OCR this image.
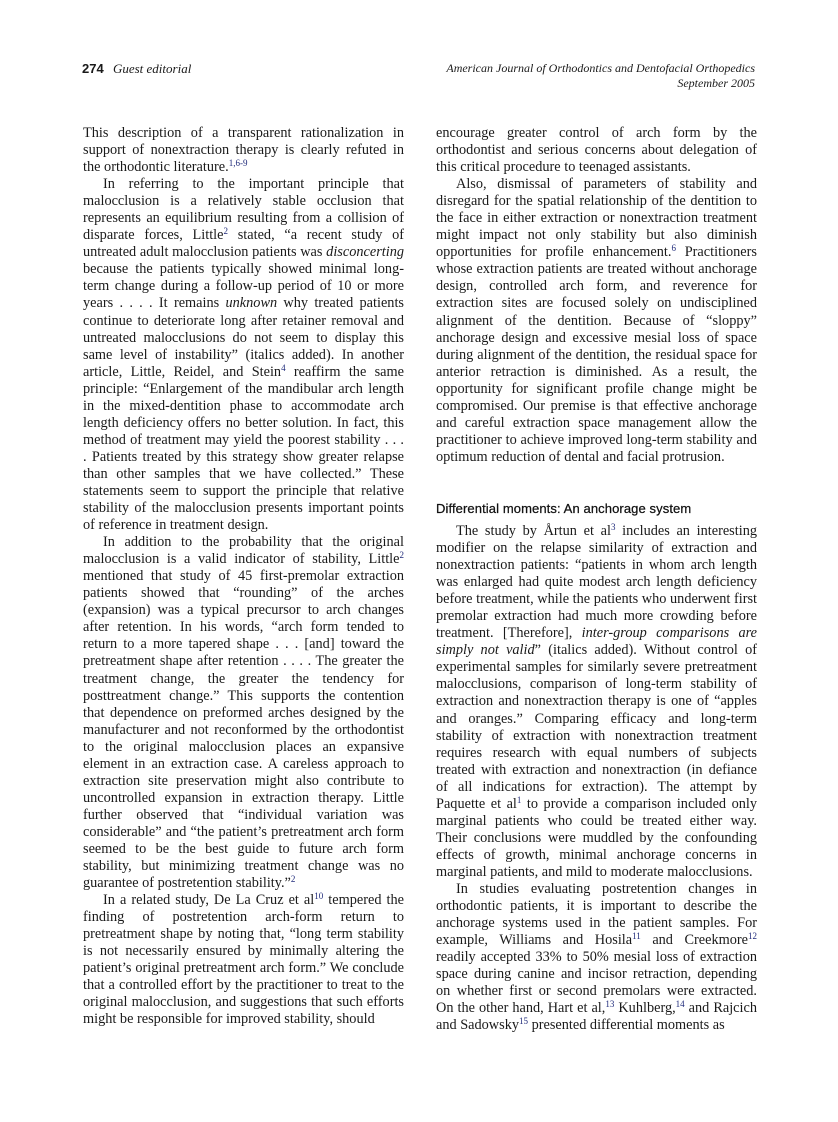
274 Guest editorial	American Journal of Orthodontics and Dentofacial Orthopedics
September 2005

This description of a transparent rationalization in support of nonextraction therapy is clearly refuted in the orthodontic literature.$^{1,6-9}$

In referring to the important principle that malocclusion is a relatively stable occlusion that represents an equilibrium resulting from a collision of disparate forces, Little$^2$ stated, “a recent study of untreated adult malocclusion patients was disconcerting because the patients typically showed minimal long-term change during a follow-up period of 10 or more years . . . . It remains unknown why treated patients continue to deteriorate long after retainer removal and untreated malocclusions do not seem to display this same level of instability” (italics added). In another article, Little, Reidel, and Stein$^4$ reaffirm the same principle: “Enlargement of the mandibular arch length in the mixed-dentition phase to accommodate arch length deficiency offers no better solution. In fact, this method of treatment may yield the poorest stability . . . . Patients treated by this strategy show greater relapse than other samples that we have collected.” These statements seem to support the principle that relative stability of the malocclusion presents important points of reference in treatment design.

In addition to the probability that the original malocclusion is a valid indicator of stability, Little$^2$ mentioned that study of 45 first-premolar extraction patients showed that “rounding” of the arches (expansion) was a typical precursor to arch changes after retention. In his words, “arch form tended to return to a more tapered shape . . . [and] toward the pretreatment shape after retention . . . . The greater the treatment change, the greater the tendency for posttreatment change.” This supports the contention that dependence on preformed arches designed by the manufacturer and not reconformed by the orthodontist to the original malocclusion places an expansive element in an extraction case. A careless approach to extraction site preservation might also contribute to uncontrolled expansion in extraction therapy. Little further observed that “individual variation was considerable” and “the patient’s pretreatment arch form seemed to be the best guide to future arch form stability, but minimizing treatment change was no guarantee of postretention stability.”$^2$

In a related study, De La Cruz et $al^{10}$ tempered the finding of postretention arch-form return to pretreatment shape by noting that, “long term stability is not necessarily ensured by minimally altering the patient’s original pretreatment arch form.” We conclude that a controlled effort by the practitioner to treat to the original malocclusion, and suggestions that such efforts might be responsible for improved stability, should

encourage greater control of arch form by the orthodontist and serious concerns about delegation of this critical procedure to teenaged assistants.

Also, dismissal of parameters of stability and disregard for the spatial relationship of the dentition to the face in either extraction or nonextraction treatment might impact not only stability but also diminish opportunities for profile enhancement.$^6$ Practitioners whose extraction patients are treated without anchorage design, controlled arch form, and reverence for extraction sites are focused solely on undisciplined alignment of the dentition. Because of “sloppy” anchorage design and excessive mesial loss of space during alignment of the dentition, the residual space for anterior retraction is diminished. As a result, the opportunity for significant profile change might be compromised. Our premise is that effective anchorage and careful extraction space management allow the practitioner to achieve improved long-term stability and optimum reduction of dental and facial protrusion.

Differential moments: An anchorage system

The study by Årtun et $al^3$ includes an interesting modifier on the relapse similarity of extraction and nonextraction patients: “patients in whom arch length was enlarged had quite modest arch length deficiency before treatment, while the patients who underwent first premolar extraction had much more crowding before treatment. [Therefore], inter-group comparisons are simply not valid” (italics added). Without control of experimental samples for similarly severe pretreatment malocclusions, comparison of long-term stability of extraction and nonextraction therapy is one of “apples and oranges.” Comparing efficacy and long-term stability of extraction with nonextraction treatment requires research with equal numbers of subjects treated with extraction and nonextraction (in defiance of all indications for extraction). The attempt by Paquette et $al^1$ to provide a comparison included only marginal patients who could be treated either way. Their conclusions were muddled by the confounding effects of growth, minimal anchorage concerns in marginal patients, and mild to moderate malocclusions.

In studies evaluating postretention changes in orthodontic patients, it is important to describe the anchorage systems used in the patient samples. For example, Williams and Hosila$^{11}$ and Creekmore$^{12}$ readily accepted 33% to 50% mesial loss of extraction space during canine and incisor retraction, depending on whether first or second premolars were extracted. On the other hand, Hart et al,$^{13}$ Kuhlberg,$^{14}$ and Rajcich and Sadowsky$^{15}$ presented differential moments as
